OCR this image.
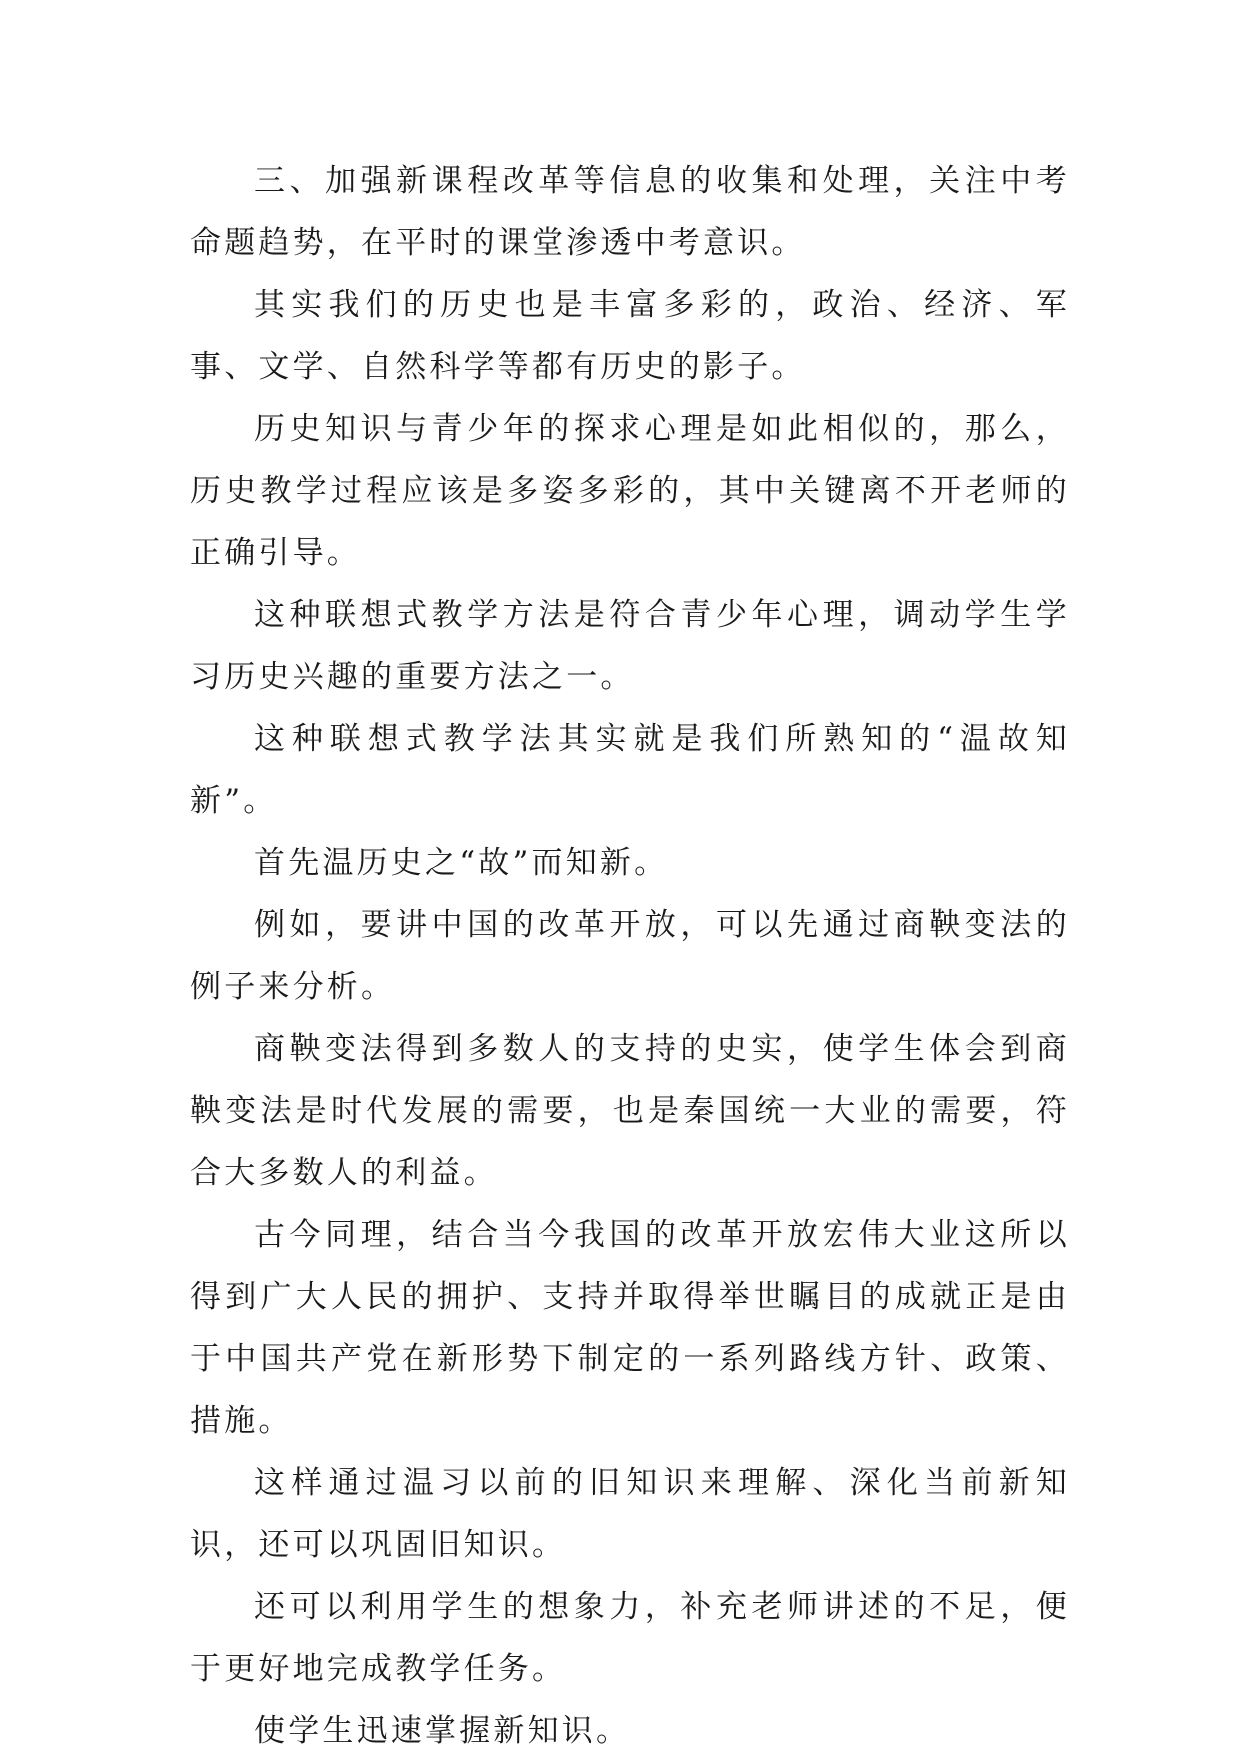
三、加强新课程改革等信息的收集和处理，关注中考命题趋势，在平时的课堂渗透中考意识。

其实我们的历史也是丰富多彩的，政治、经济、军事、文学、自然科学等都有历史的影子。

历史知识与青少年的探求心理是如此相似的，那么，历史教学过程应该是多姿多彩的，其中关键离不开老师的正确引导。

这种联想式教学方法是符合青少年心理，调动学生学习历史兴趣的重要方法之一。

这种联想式教学法其实就是我们所熟知的“温故知新”。

首先温历史之“故”而知新。

例如，要讲中国的改革开放，可以先通过商鞅变法的例子来分析。

商鞅变法得到多数人的支持的史实，使学生体会到商鞅变法是时代发展的需要，也是秦国统一大业的需要，符合大多数人的利益。

古今同理，结合当今我国的改革开放宏伟大业这所以得到广大人民的拥护、支持并取得举世瞩目的成就正是由于中国共产党在新形势下制定的一系列路线方针、政策、措施。

这样通过温习以前的旧知识来理解、深化当前新知识，还可以巩固旧知识。

还可以利用学生的想象力，补充老师讲述的不足，便于更好地完成教学任务。

使学生迅速掌握新知识。
